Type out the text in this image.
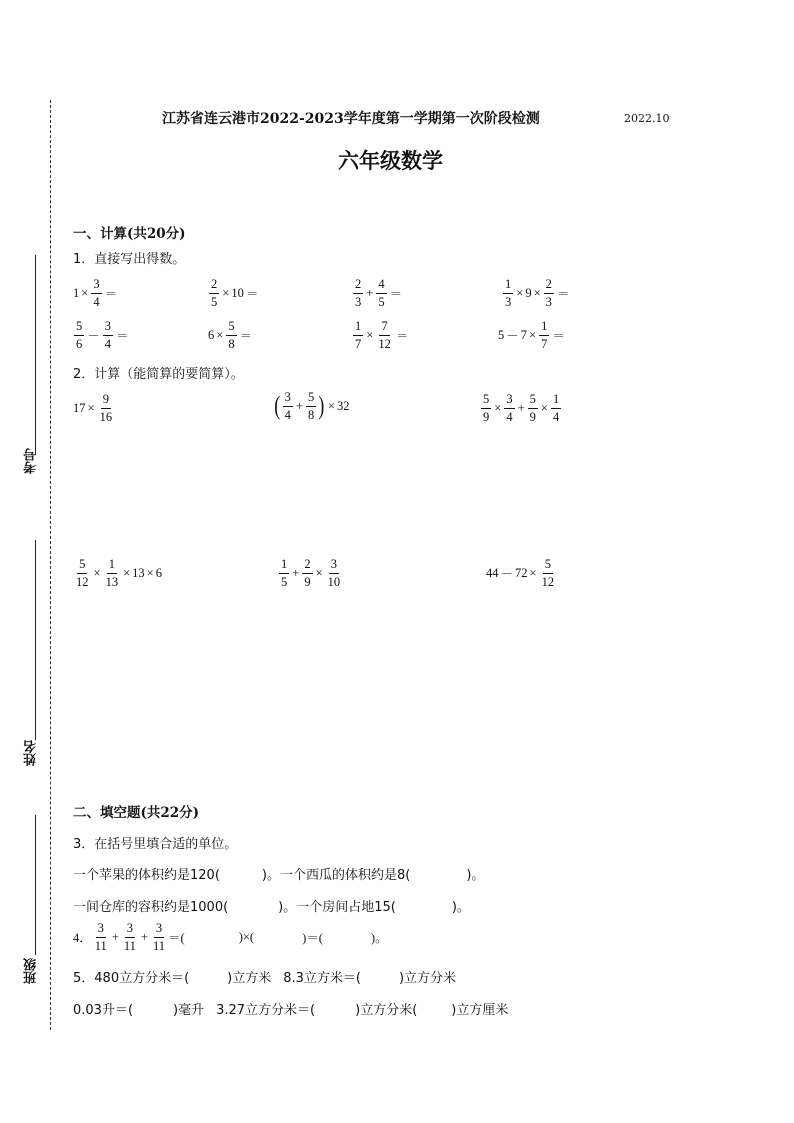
考号
姓名
班级
江苏省连云港市2022-2023学年度第一学期第一次阶段检测	2022.10
六年级数学
一、计算(共20分)
1．直接写出得数。
$1 \times \frac{3}{4}$ ＝	$\frac{2}{5} \times 10$ ＝	$\frac{2}{3} + \frac{4}{5}$ ＝	$\frac{1}{3} \times 9 \times \frac{2}{3}$ ＝
$\frac{5}{6} - \frac{3}{4}$ ＝	$6 \times \frac{5}{8}$ ＝	$\frac{1}{7} \times \frac{7}{12}$ ＝	$5 - 7 \times \frac{1}{7}$ ＝
2．计算（能简算的要简算）。
$17 \times \frac{9}{16}$	( $\frac{3}{4} + \frac{5}{8}$ ) × 32	$\frac{5}{9} \times \frac{3}{4} + \frac{5}{9} \times \frac{1}{4}$
$\frac{5}{12} \times \frac{1}{13} \times 13 \times 6$	$\frac{1}{5} + \frac{2}{9} \times \frac{3}{10}$	$44 - 72 \times \frac{5}{12}$
二、填空题(共22分)
3．在括号里填合适的单位。
一个苹果的体积约是120(	)。一个西瓜的体积约是8(	)。
一间仓库的容积约是1000(	)。一个房间占地15(	)。
4． $\frac{3}{11} + \frac{3}{11} + \frac{3}{11}$ ＝(	)×(	)＝(	)。
5．480立方分米＝(	)立方米 8.3立方米＝(	)立方分米
0.03升＝(	)毫升 3.27立方分米＝(	)立方分米(	)立方厘米
